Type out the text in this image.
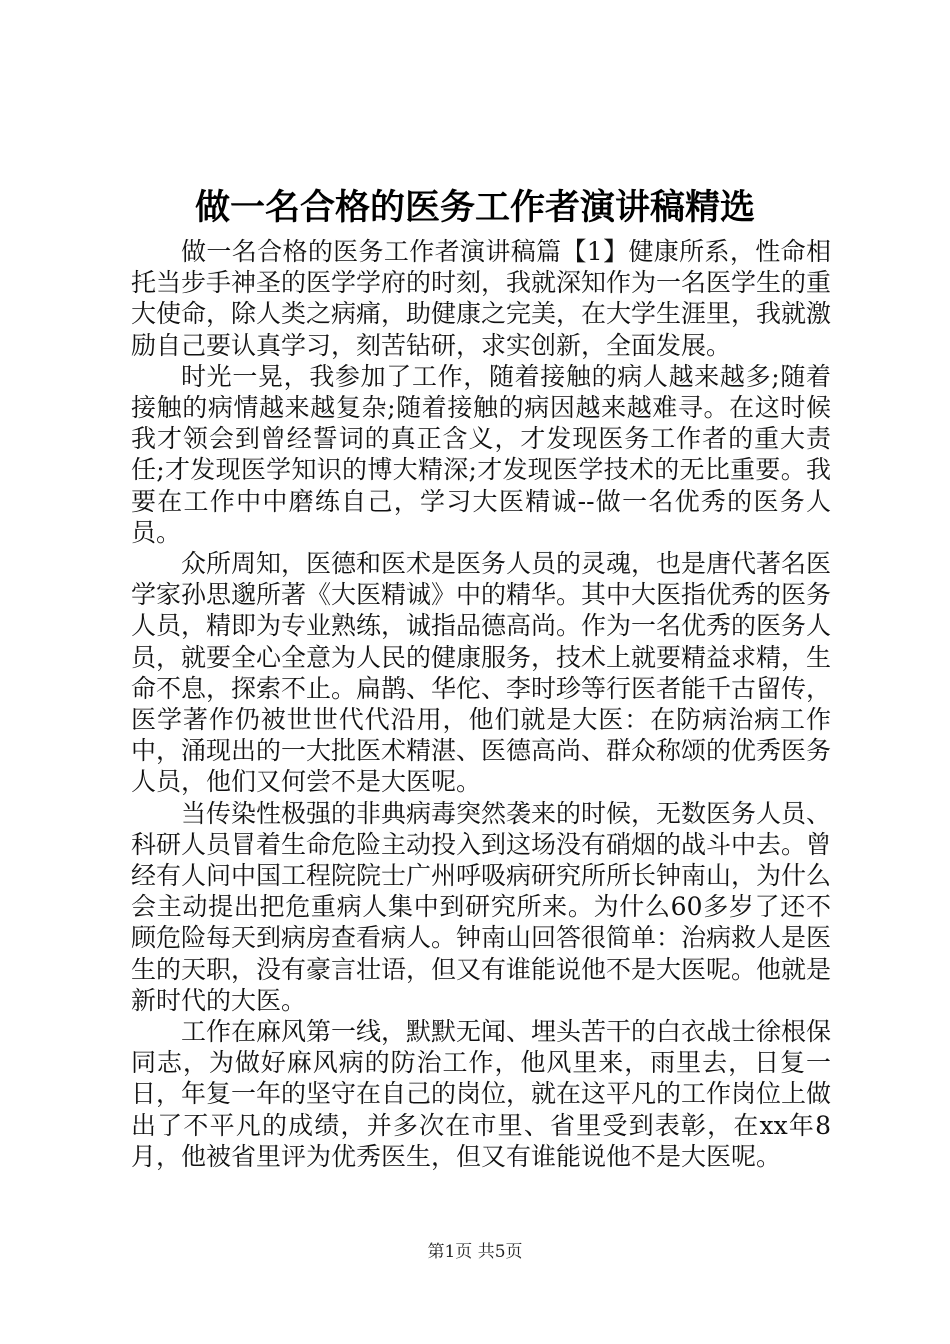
做一名合格的医务工作者演讲稿精选

做一名合格的医务工作者演讲稿篇【1】健康所系，性命相托当步手神圣的医学学府的时刻，我就深知作为一名医学生的重大使命，除人类之病痛，助健康之完美，在大学生涯里，我就激励自己要认真学习，刻苦钻研，求实创新，全面发展。

时光一晃，我参加了工作，随着接触的病人越来越多;随着接触的病情越来越复杂;随着接触的病因越来越难寻。在这时候我才领会到曾经誓词的真正含义，才发现医务工作者的重大责任;才发现医学知识的博大精深;才发现医学技术的无比重要。我要在工作中中磨练自己，学习大医精诚--做一名优秀的医务人员。

众所周知，医德和医术是医务人员的灵魂，也是唐代著名医学家孙思邈所著《大医精诚》中的精华。其中大医指优秀的医务人员，精即为专业熟练，诚指品德高尚。作为一名优秀的医务人员，就要全心全意为人民的健康服务，技术上就要精益求精，生命不息，探索不止。扁鹊、华佗、李时珍等行医者能千古留传，医学著作仍被世世代代沿用，他们就是大医：在防病治病工作中，涌现出的一大批医术精湛、医德高尚、群众称颂的优秀医务人员，他们又何尝不是大医呢。

当传染性极强的非典病毒突然袭来的时候，无数医务人员、科研人员冒着生命危险主动投入到这场没有硝烟的战斗中去。曾经有人问中国工程院院士广州呼吸病研究所所长钟南山，为什么会主动提出把危重病人集中到研究所来。为什么60多岁了还不顾危险每天到病房查看病人。钟南山回答很简单：治病救人是医生的天职，没有豪言壮语，但又有谁能说他不是大医呢。他就是新时代的大医。

工作在麻风第一线，默默无闻、埋头苦干的白衣战士徐根保同志，为做好麻风病的防治工作，他风里来，雨里去，日复一日，年复一年的坚守在自己的岗位，就在这平凡的工作岗位上做出了不平凡的成绩，并多次在市里、省里受到表彰，在xx年8月，他被省里评为优秀医生，但又有谁能说他不是大医呢。

第1页 共5页
